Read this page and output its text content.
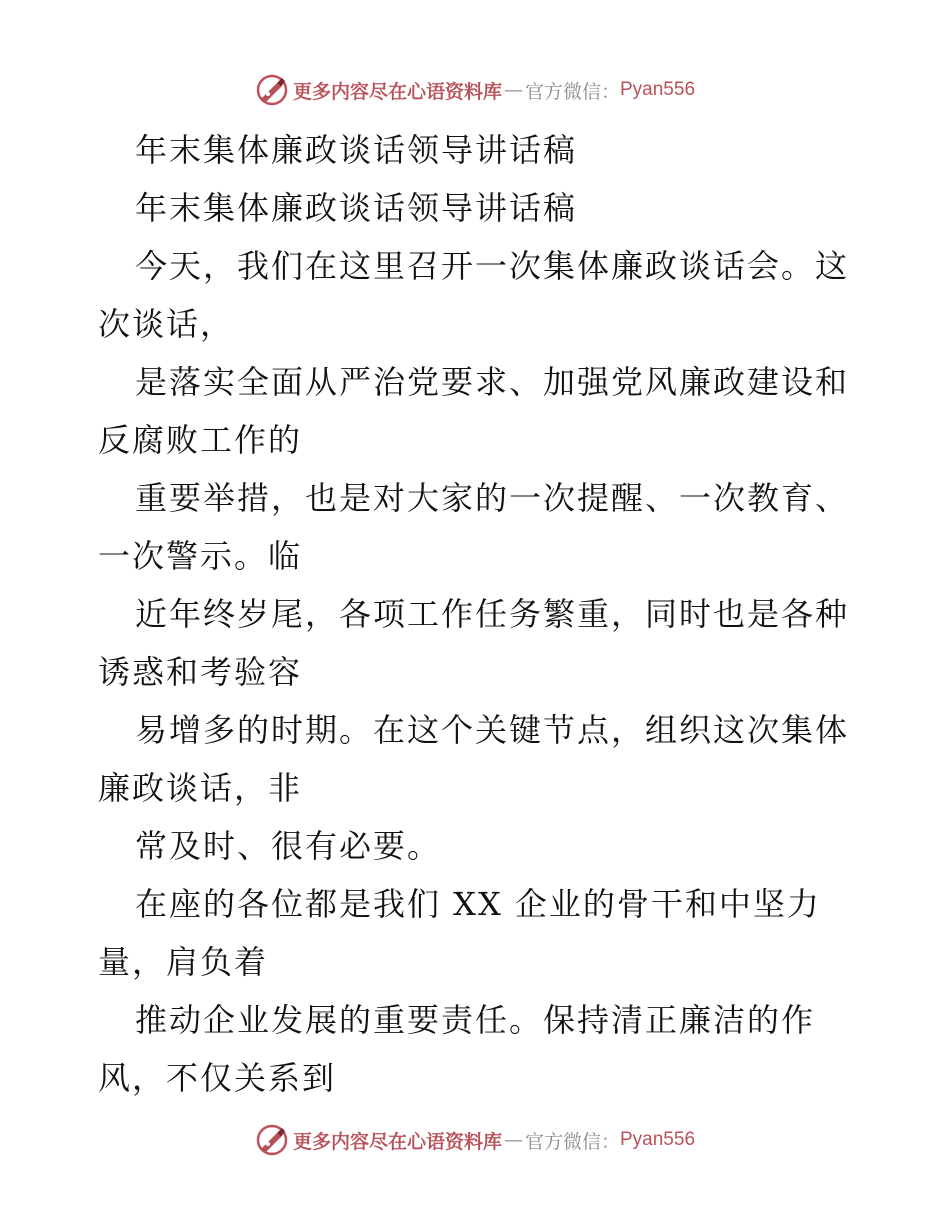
更多内容尽在心语资料库 — 官方微信： Pyan556
年末集体廉政谈话领导讲话稿
年末集体廉政谈话领导讲话稿
今天，我们在这里召开一次集体廉政谈话会。这
次谈话，
是落实全面从严治党要求、加强党风廉政建设和
反腐败工作的
重要举措，也是对大家的一次提醒、一次教育、
一次警示。临
近年终岁尾，各项工作任务繁重，同时也是各种
诱惑和考验容
易增多的时期。在这个关键节点，组织这次集体
廉政谈话，非
常及时、很有必要。
在座的各位都是我们 XX 企业的骨干和中坚力
量，肩负着
推动企业发展的重要责任。保持清正廉洁的作
风，不仅关系到
更多内容尽在心语资料库 — 官方微信： Pyan556
